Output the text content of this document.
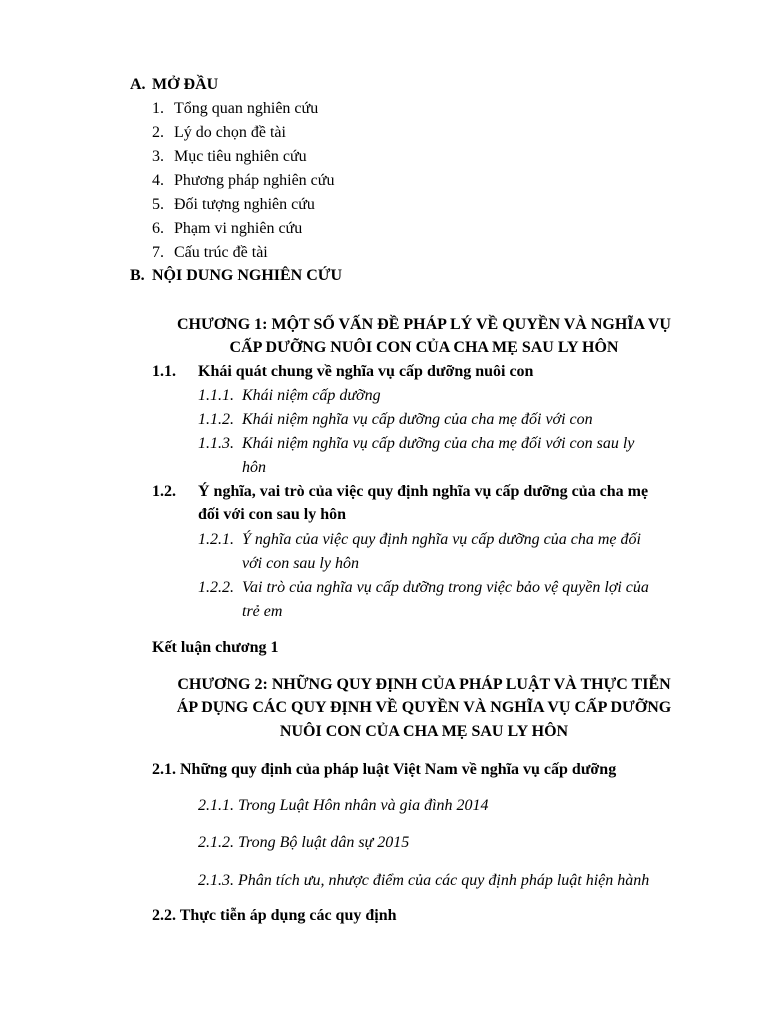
A. MỞ ĐẦU
1. Tổng quan nghiên cứu
2. Lý do chọn đề tài
3. Mục tiêu nghiên cứu
4. Phương pháp nghiên cứu
5. Đối tượng nghiên cứu
6. Phạm vi nghiên cứu
7. Cấu trúc đề tài
B. NỘI DUNG NGHIÊN CỨU
CHƯƠNG 1: MỘT SỐ VẤN ĐỀ PHÁP LÝ VỀ QUYỀN VÀ NGHĨA VỤ
CẤP DƯỠNG NUÔI CON CỦA CHA MẸ SAU LY HÔN
1.1. Khái quát chung về nghĩa vụ cấp dưỡng nuôi con
1.1.1. Khái niệm cấp dưỡng
1.1.2. Khái niệm nghĩa vụ cấp dưỡng của cha mẹ đối với con
1.1.3. Khái niệm nghĩa vụ cấp dưỡng của cha mẹ đối với con sau ly
hôn
1.2. Ý nghĩa, vai trò của việc quy định nghĩa vụ cấp dưỡng của cha mẹ
đối với con sau ly hôn
1.2.1. Ý nghĩa của việc quy định nghĩa vụ cấp dưỡng của cha mẹ đối
với con sau ly hôn
1.2.2. Vai trò của nghĩa vụ cấp dưỡng trong việc bảo vệ quyền lợi của
trẻ em
Kết luận chương 1
CHƯƠNG 2: NHỮNG QUY ĐỊNH CỦA PHÁP LUẬT VÀ THỰC TIỄN
ÁP DỤNG CÁC QUY ĐỊNH VỀ QUYỀN VÀ NGHĨA VỤ CẤP DƯỠNG
NUÔI CON CỦA CHA MẸ SAU LY HÔN
2.1. Những quy định của pháp luật Việt Nam về nghĩa vụ cấp dưỡng
2.1.1. Trong Luật Hôn nhân và gia đình 2014
2.1.2. Trong Bộ luật dân sự 2015
2.1.3. Phân tích ưu, nhược điểm của các quy định pháp luật hiện hành
2.2. Thực tiễn áp dụng các quy định
